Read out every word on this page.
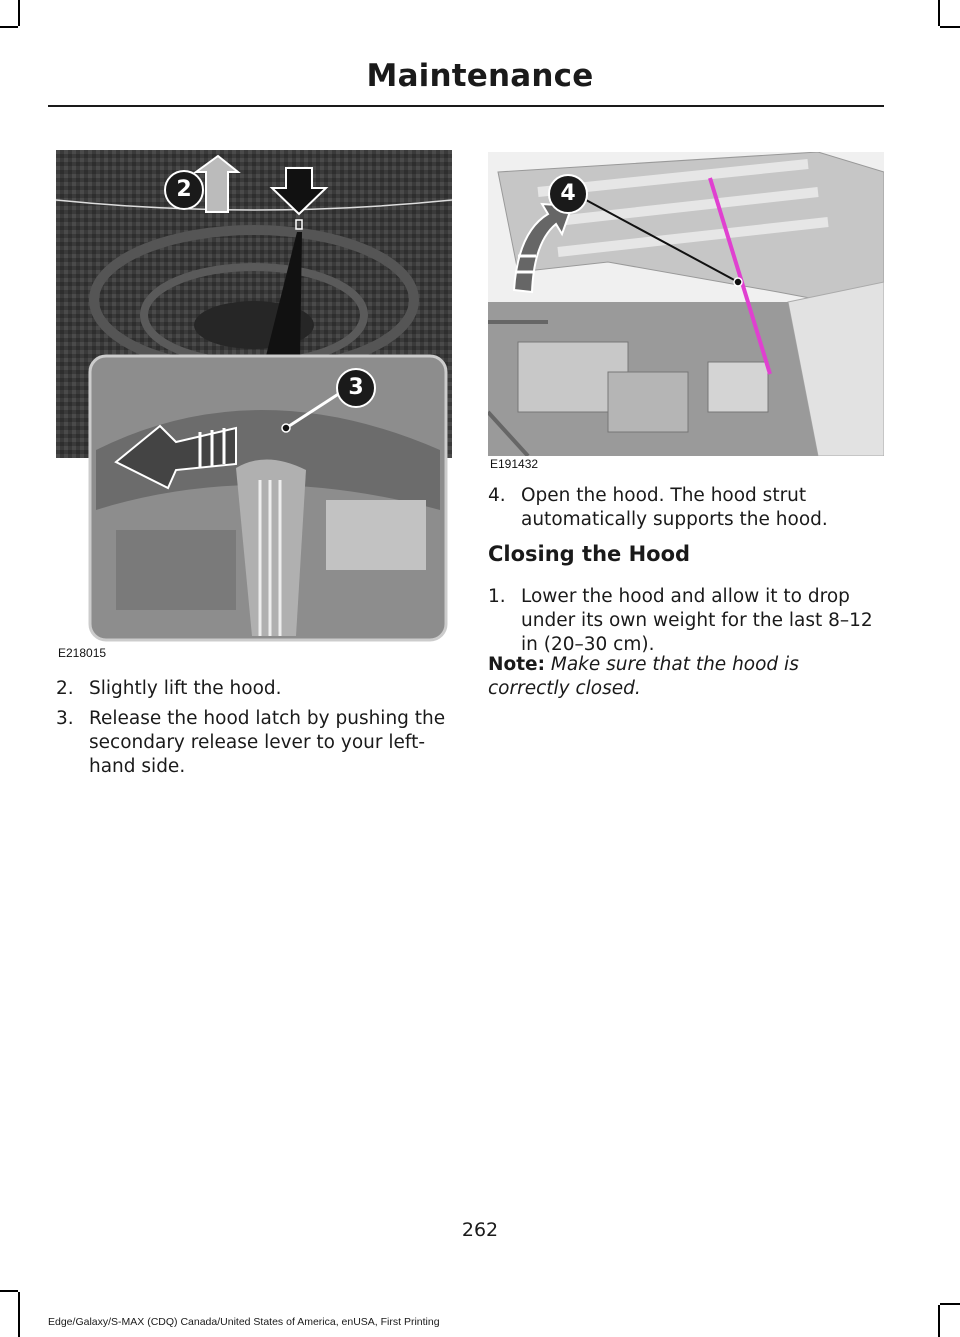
Maintenance
2
3
E218015
4
E191432
2. Slightly lift the hood.
3. Release the hood latch by pushing the secondary release lever to your left-hand side.
4. Open the hood. The hood strut automatically supports the hood.
Closing the Hood
1. Lower the hood and allow it to drop under its own weight for the last 8–12 in (20–30 cm).
Note: Make sure that the hood is correctly closed.
262
Edge/Galaxy/S-MAX (CDQ) Canada/United States of America, enUSA, First Printing
